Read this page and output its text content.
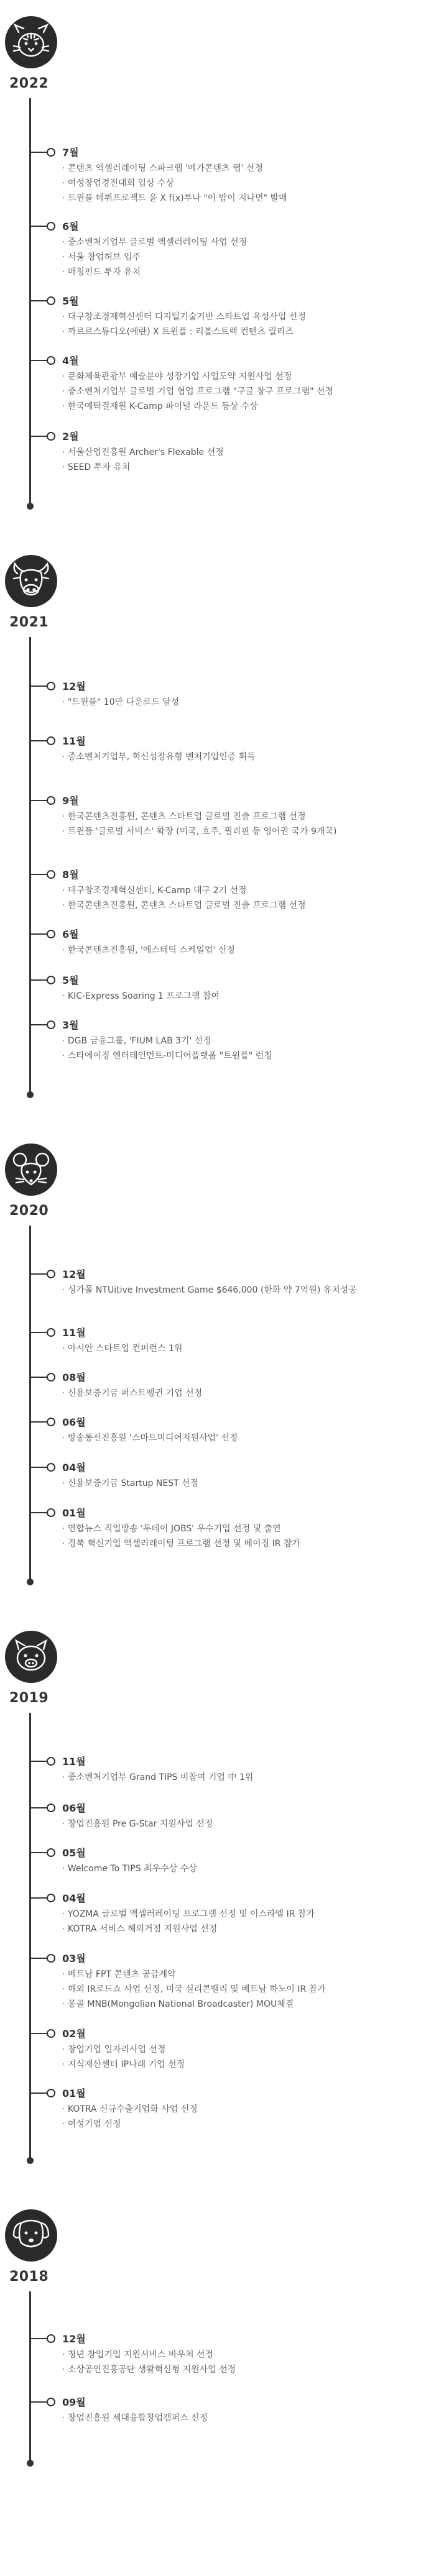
2022
7월
· 콘텐츠 액셀러레이팅 스파크랩 '메가콘텐츠 랩' 선정
· 여성창업경진대회 입상 수상
· 트윈플 데뷔프로젝트 윤 X f(x)루나 "이 밤이 지나면" 발매
6월
· 중소벤처기업부 글로벌 액셀러레이팅 사업 선정
· 서울 창업허브 입주
· 매칭펀드 투자 유치
5월
· 대구창조경제혁신센터 디지털기술기반 스타트업 육성사업 선정
· 까르르스튜디오(에란) X 트윈플 : 리볼스트랙 컨텐츠 릴리즈
4월
· 문화체육관광부 예술분야 성장기업 사업도약 지원사업 선정
· 중소벤처기업부 글로벌 기업 협업 프로그램 "구글 창구 프로그램" 선정
· 한국예탁결제원 K-Camp 파이널 라운드 등상 수상
2월
· 서울산업진흥원 Archer's Flexable 선정
· SEED 투자 유치
2021
12월
· "트윈플" 10만 다운로드 달성
11월
· 중소벤처기업부, 혁신성장유형 벤처기업인증 획득
9월
· 한국콘텐츠진흥원, 콘텐츠 스타트업 글로벌 진출 프로그램 선정
· 트윈플 '글로벌 서비스' 확장 (미국, 호주, 필리핀 등 영어권 국가 9개국)
8월
· 대구창조경제혁신센터, K-Camp 대구 2기 선정
· 한국콘텐츠진흥원, 콘텐츠 스타트업 글로벌 진출 프로그램 선정
6월
· 한국콘텐츠진흥원, '에스테틱 스케일업' 선정
5월
· KIC-Express Soaring 1 프로그램 참여
3월
· DGB 금융그룹, 'FIUM LAB 3기' 선정
· 스타에이징 엔터테인먼트-미디어플랫폼 "트윈플" 런칭
2020
12월
· 싱가폴 NTUitive Investment Game $646,000 (한화 약 7억원) 유치성공
11월
· 아시안 스타트업 컨퍼런스 1위
08월
· 신용보증기금 퍼스트펭귄 기업 선정
06월
· 방송통신진흥원 '스마트미디어지원사업' 선정
04월
· 신용보증기금 Startup NEST 선정
01월
· 연합뉴스 직업방송 '투데이 JOBS' 우수기업 선정 및 출연
· 경북 혁신기업 액셀러레이팅 프로그램 선정 및 베이징 IR 참가
2019
11월
· 중소벤처기업부 Grand TIPS 비참여 기업 中 1위
06월
· 창업진흥원 Pre G-Star 지원사업 선정
05월
· Welcome To TIPS 최우수상 수상
04월
· YOZMA 글로벌 액셀러레이팅 프로그램 선정 및 이스라엘 IR 참가
· KOTRA 서비스 해외거점 지원사업 선정
03월
· 베트남 FPT 콘텐츠 공급계약
· 해외 IR로드쇼 사업 선정, 미국 실리콘밸리 및 베트남 하노이 IR 참가
· 몽골 MNB(Mongolian National Broadcaster) MOU체결
02월
· 창업기업 일자리사업 선정
· 지식재산센터 IP나래 기업 선정
01월
· KOTRA 신규수출기업화 사업 선정
· 여성기업 선정
2018
12월
· 청년 창업기업 지원서비스 바우처 선정
· 소상공인진흥공단 생활혁신형 지원사업 선정
09월
· 창업진흥원 세대융합창업캠퍼스 선정
